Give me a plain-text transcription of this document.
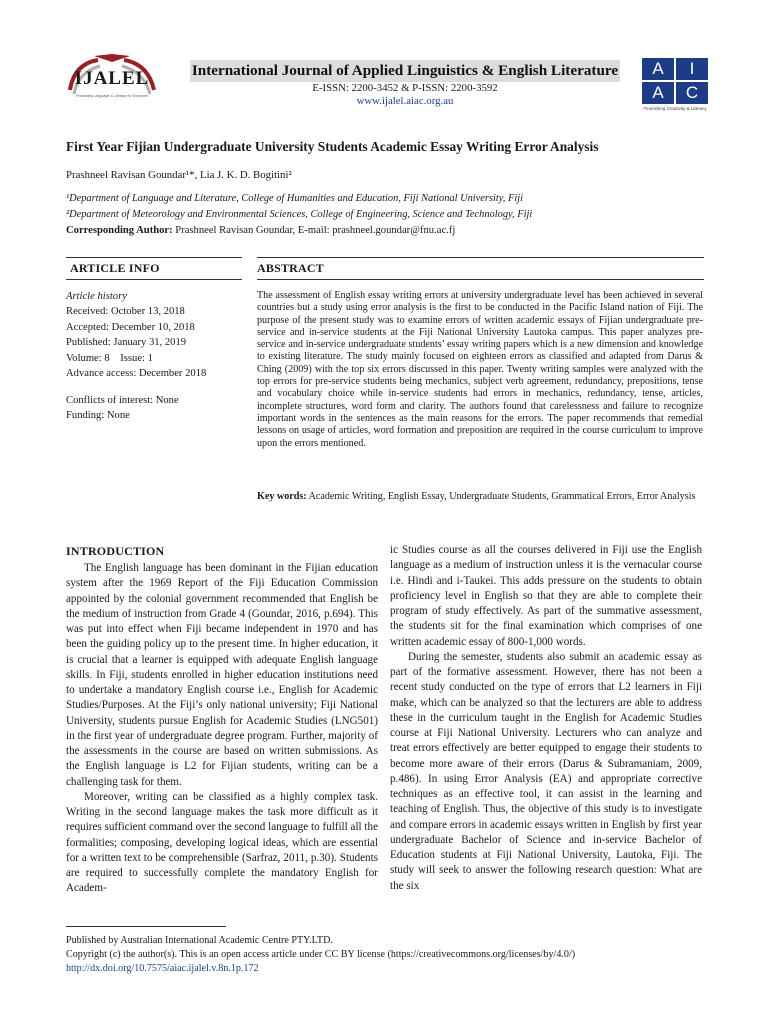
IJALEL
Promoting Language & Literacy for Everyone
International Journal of Applied Linguistics & English Literature
E-ISSN: 2200-3452 & P-ISSN: 2200-3592
www.ijalel.aiac.org.au
A	I
A	C
Flourishing Creativity & Literacy
First Year Fijian Undergraduate University Students Academic Essay Writing Error Analysis
Prashneel Ravisan Goundar¹*, Lia J. K. D. Bogitini²
¹Department of Language and Literature, College of Humanities and Education, Fiji National University, Fiji
²Department of Meteorology and Environmental Sciences, College of Engineering, Science and Technology, Fiji
Corresponding Author: Prashneel Ravisan Goundar, E-mail: prashneel.goundar@fnu.ac.fj
ARTICLE INFO	ABSTRACT
Article history
Received: October 13, 2018
Accepted: December 10, 2018
Published: January 31, 2019
Volume: 8    Issue: 1
Advance access: December 2018
Conflicts of interest: None
Funding: None
The assessment of English essay writing errors at university undergraduate level has been achieved in several countries but a study using error analysis is the first to be conducted in the Pacific Island nation of Fiji. The purpose of the present study was to examine errors of written academic essays of Fijian undergraduate pre-service and in-service students at the Fiji National University Lautoka campus. This paper analyzes pre-service and in-service undergraduate students’ essay writing papers which is a new dimension and knowledge to existing literature. The study mainly focused on eighteen errors as classified and adapted from Darus & Ching (2009) with the top six errors discussed in this paper. Twenty writing samples were analyzed with the top errors for pre-service students being mechanics, subject verb agreement, redundancy, prepositions, tense and vocabulary choice while in-service students had errors in mechanics, redundancy, tense, articles, incomplete structures, word form and clarity. The authors found that carelessness and failure to recognize important words in the sentences as the main reasons for the errors. The paper recommends that remedial lessons on usage of articles, word formation and preposition are required in the course curriculum to improve upon the errors mentioned.
Key words: Academic Writing, English Essay, Undergraduate Students, Grammatical Errors, Error Analysis
INTRODUCTION

The English language has been dominant in the Fijian education system after the 1969 Report of the Fiji Education Commission appointed by the colonial government recommended that English be the medium of instruction from Grade 4 (Goundar, 2016, p.694). This was put into effect when Fiji became independent in 1970 and has been the guiding policy up to the present time. In higher education, it is crucial that a learner is equipped with adequate English language skills. In Fiji, students enrolled in higher education institutions need to undertake a mandatory English course i.e., English for Academic Studies/Purposes. At the Fiji’s only national university; Fiji National University, students pursue English for Academic Studies (LNG501) in the first year of undergraduate degree program. Further, majority of the assessments in the course are based on written submissions. As the English language is L2 for Fijian students, writing can be a challenging task for them.

Moreover, writing can be classified as a highly complex task. Writing in the second language makes the task more difficult as it requires sufficient command over the second language to fulfill all the formalities; composing, developing logical ideas, which are essential for a written text to be comprehensible (Sarfraz, 2011, p.30). Students are required to successfully complete the mandatory English for Academ-

ic Studies course as all the courses delivered in Fiji use the English language as a medium of instruction unless it is the vernacular course i.e. Hindi and i-Taukei. This adds pressure on the students to obtain proficiency level in English so that they are able to complete their program of study effectively. As part of the summative assessment, the students sit for the final examination which comprises of one written academic essay of 800-1,000 words.

During the semester, students also submit an academic essay as part of the formative assessment. However, there has not been a recent study conducted on the type of errors that L2 learners in Fiji make, which can be analyzed so that the lecturers are able to address these in the curriculum taught in the English for Academic Studies course at Fiji National University. Lecturers who can analyze and treat errors effectively are better equipped to engage their students to become more aware of their errors (Darus & Subramaniam, 2009, p.486). In using Error Analysis (EA) and appropriate corrective techniques as an effective tool, it can assist in the learning and teaching of English. Thus, the objective of this study is to investigate and compare errors in academic essays written in English by first year undergraduate Bachelor of Science and in-service Bachelor of Education students at Fiji National University, Lautoka, Fiji. The study will seek to answer the following research question: What are the six

Published by Australian International Academic Centre PTY.LTD.
Copyright (c) the author(s). This is an open access article under CC BY license (https://creativecommons.org/licenses/by/4.0/)
http://dx.doi.org/10.7575/aiac.ijalel.v.8n.1p.172
